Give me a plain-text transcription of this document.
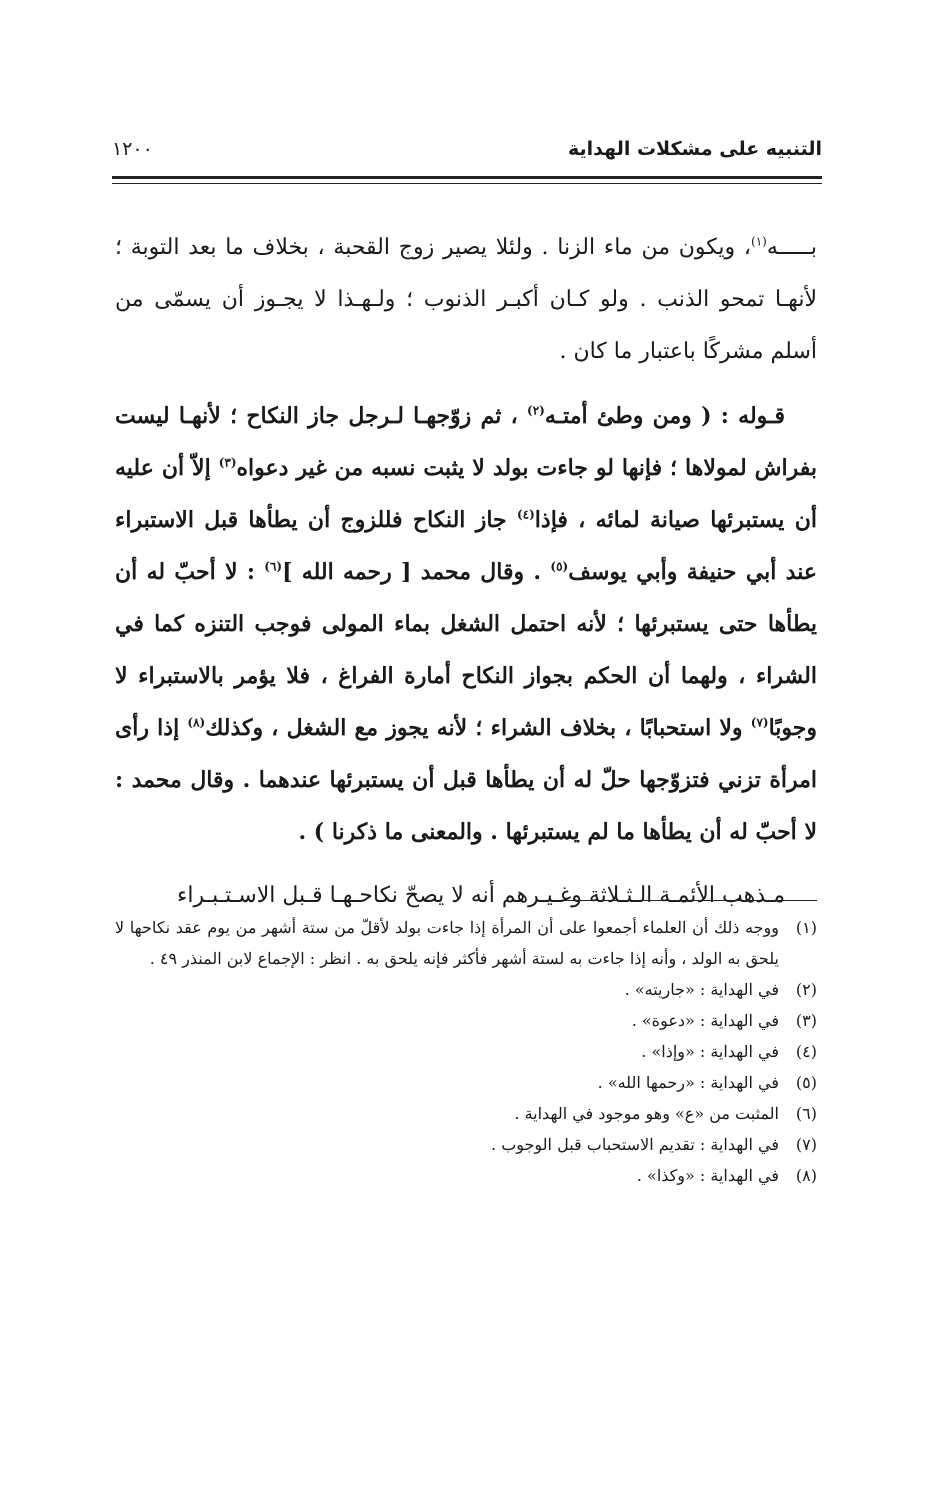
التنبيه على مشكلات الهداية
١٢٠٠

بـــــه$^{(١)}$، ويكون من ماء الزنا . ولئلا يصير زوج القحبة ، بخلاف ما بعد التوبة ؛ لأنهـا تمحو الذنب . ولو كـان أكبـر الذنوب ؛ ولـهـذا لا يجـوز أن يسمّى من أسلم مشركًا باعتبار ما كان .

قـوله : ( ومن وطئ أمتـه$^{(٢)}$ ، ثم زوّجهـا لـرجل جاز النكاح ؛ لأنهـا ليست بفراش لمولاها ؛ فإنها لو جاءت بولد لا يثبت نسبه من غير دعواه$^{(٣)}$ إلاّ أن عليه أن يستبرئها صيانة لمائه ، فإذا$^{(٤)}$ جاز النكاح فللزوج أن يطأها قبل الاستبراء عند أبي حنيفة وأبي يوسف$^{(٥)}$ . وقال محمد [ رحمه الله ]$^{(٦)}$ : لا أحبّ له أن يطأها حتى يستبرئها ؛ لأنه احتمل الشغل بماء المولى فوجب التنزه كما في الشراء ، ولهما أن الحكم بجواز النكاح أمارة الفراغ ، فلا يؤمر بالاستبراء لا وجوبًا$^{(٧)}$ ولا استحبابًا ، بخلاف الشراء ؛ لأنه يجوز مع الشغل ، وكذلك$^{(٨)}$ إذا رأى امرأة تزني فتزوّجها حلّ له أن يطأها قبل أن يستبرئها عندهما . وقال محمد : لا أحبّ له أن يطأها ما لم يستبرئها . والمعنى ما ذكرنا ) .

مـذهب الأئمـة الـثـلاثة وغـيـرهم أنه لا يصحّ نكاحـهـا قـبل الاسـتـبـراء

(١)
ووجه ذلك أن العلماء أجمعوا على أن المرأة إذا جاءت بولد لأقلّ من ستة أشهر من يوم عقد نكاحها لا يلحق به الولد ، وأنه إذا جاءت به لستة أشهر فأكثر فإنه يلحق به . انظر : الإجماع لابن المنذر ٤٩ .
(٢)
في الهداية : «جاريته» .
(٣)
في الهداية : «دعوة» .
(٤)
في الهداية : «وإذا» .
(٥)
في الهداية : «رحمها الله» .
(٦)
المثبت من «ع» وهو موجود في الهداية .
(٧)
في الهداية : تقديم الاستحباب قبل الوجوب .
(٨)
في الهداية : «وكذا» .
